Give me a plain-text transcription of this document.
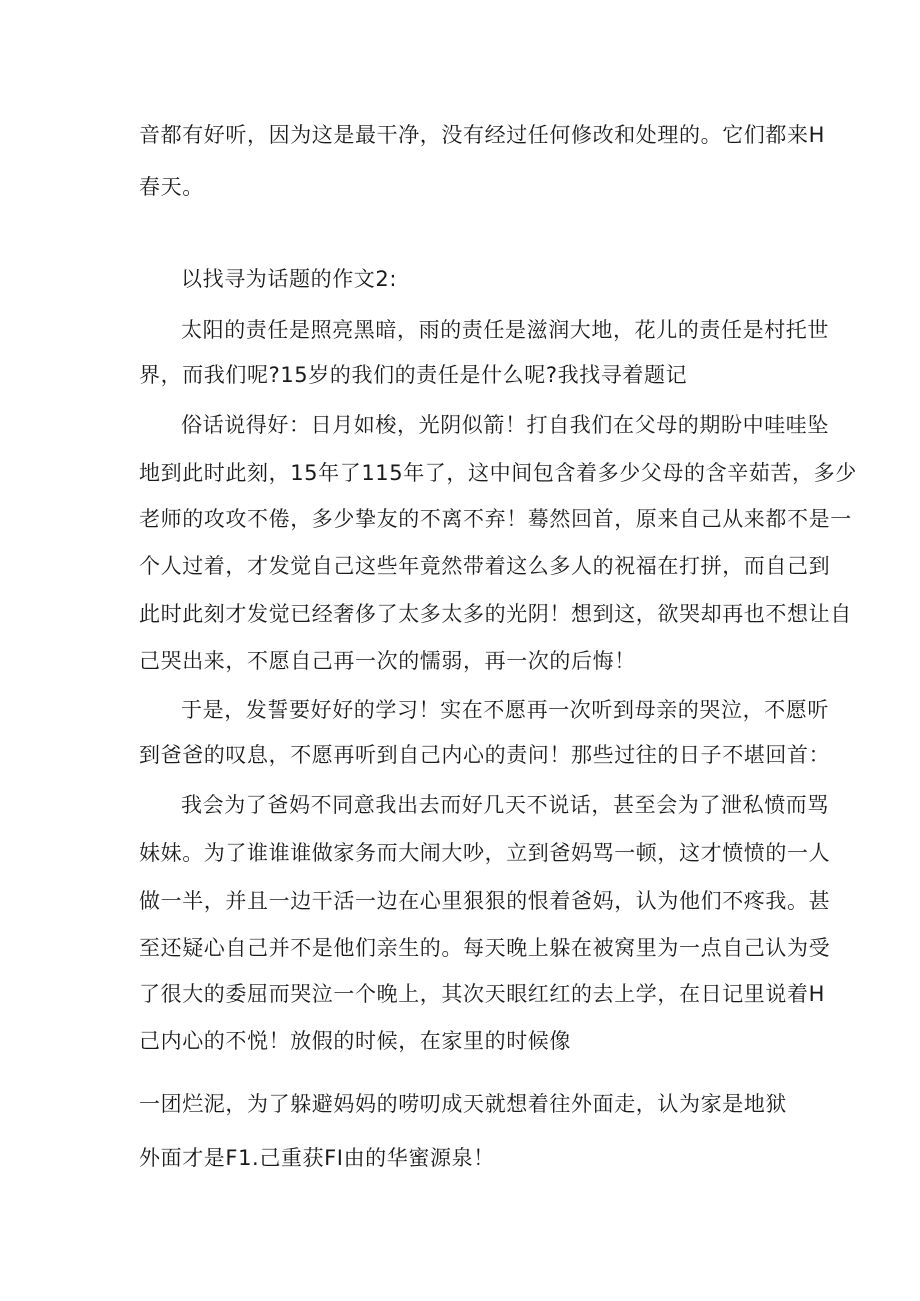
音都有好听，因为这是最干净，没有经过任何修改和处理的。它们都来H
春天。
以找寻为话题的作文2:
太阳的责任是照亮黑暗，雨的责任是滋润大地，花儿的责任是村托世
界，而我们呢?15岁的我们的责任是什么呢?我找寻着题记
俗话说得好：日月如梭，光阴似箭！打自我们在父母的期盼中哇哇坠
地到此时此刻，15年了115年了，这中间包含着多少父母的含辛茹苦，多少
老师的攻攻不倦，多少挚友的不离不弃！蓦然回首，原来自己从来都不是一
个人过着，才发觉自己这些年竟然带着这么多人的祝福在打拼，而自己到
此时此刻才发觉已经奢侈了太多太多的光阴！想到这，欲哭却再也不想让自
己哭出来，不愿自己再一次的懦弱，再一次的后悔！
于是，发誓要好好的学习！实在不愿再一次听到母亲的哭泣，不愿听
到爸爸的叹息，不愿再听到自己内心的责问！那些过往的日子不堪回首：
我会为了爸妈不同意我出去而好几天不说话，甚至会为了泄私愤而骂
妹妹。为了谁谁谁做家务而大闹大吵，立到爸妈骂一顿，这才愤愤的一人
做一半，并且一边干活一边在心里狠狠的恨着爸妈，认为他们不疼我。甚
至还疑心自己并不是他们亲生的。每天晚上躲在被窝里为一点自己认为受
了很大的委屈而哭泣一个晚上，其次天眼红红的去上学，在日记里说着H
己内心的不悦！放假的时候，在家里的时候像
一团烂泥，为了躲避妈妈的唠叨成天就想着往外面走，认为家是地狱
外面才是F1.己重获FI由的华蜜源泉！
